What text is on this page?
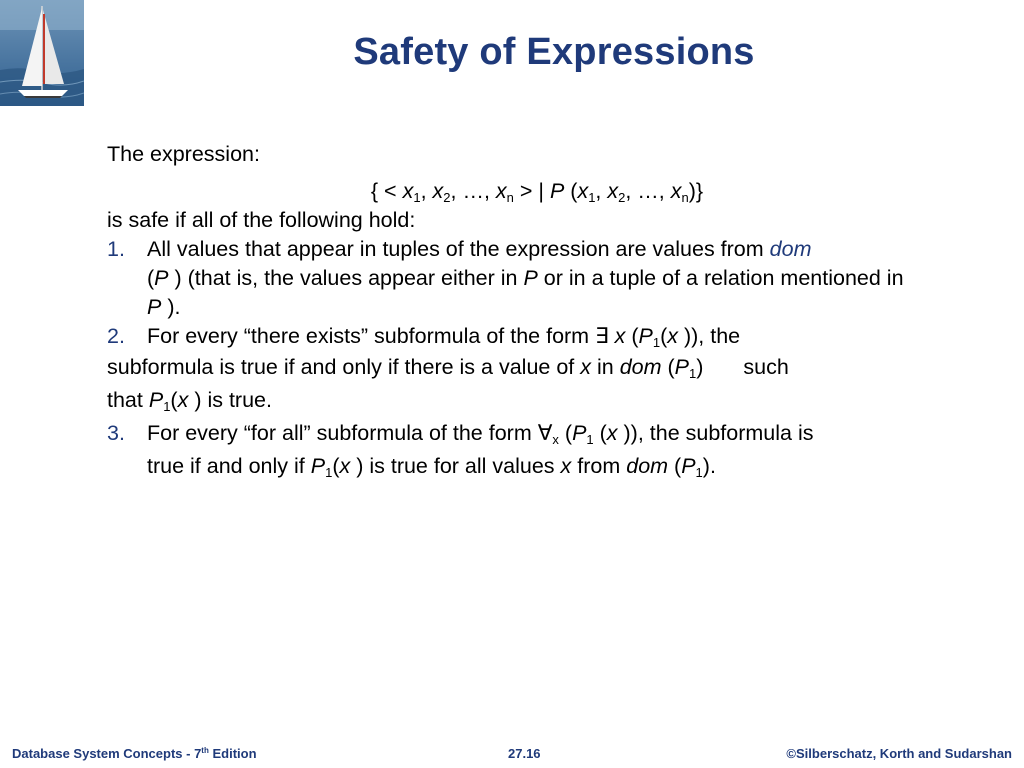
Safety of Expressions

The expression:

{ < $x_1$, $x_2$, …, $x_n$ > | P ($x_1$, $x_2$, …, $x_n$)}

is safe if all of the following hold:

1. All values that appear in tuples of the expression are values from dom
(P ) (that is, the values appear either in P or in a tuple of a relation mentioned in P ).

2. For every “there exists” subformula of the form ∃ x ($P_1(x$ )), the

subformula is true if and only if there is a value of x in dom $(P_1)$ such

that $P_1(x$ ) is true.

3. For every “for all” subformula of the form $\forall_x$ ($P_1$ (x )), the subformula is

true if and only if $P_1(x$ ) is true for all values x from dom $(P_1)$.

Database System Concepts - 7th Edition	27.16	©Silberschatz, Korth and Sudarshan
